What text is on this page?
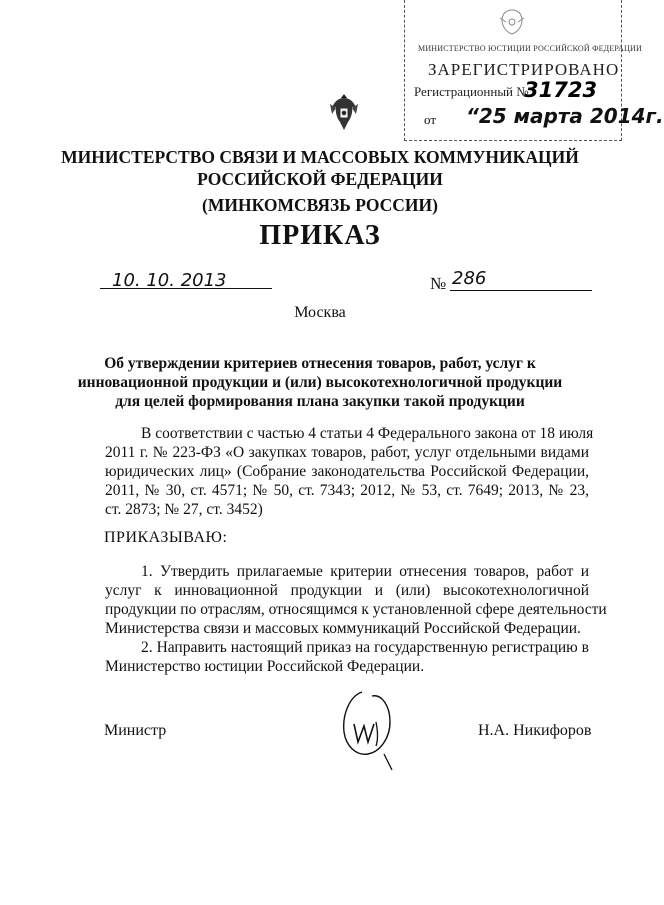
МИНИСТЕРСТВО ЮСТИЦИИ РОССИЙСКОЙ ФЕДЕРАЦИИ
ЗАРЕГИСТРИРОВАНО
Регистрационный №
31723
от	“25 марта 2014г.
МИНИСТЕРСТВО СВЯЗИ И МАССОВЫХ КОММУНИКАЦИЙ
РОССИЙСКОЙ ФЕДЕРАЦИИ
(МИНКОМСВЯЗЬ РОССИИ)
ПРИКАЗ
10. 10. 2013	№ 286
Москва
Об утверждении критериев отнесения товаров, работ, услуг к
инновационной продукции и (или) высокотехнологичной продукции
для целей формирования плана закупки такой продукции
В соответствии с частью 4 статьи 4 Федерального закона от 18 июля
2011 г. № 223-ФЗ «О закупках товаров, работ, услуг отдельными видами
юридических лиц» (Собрание законодательства Российской Федерации,
2011, № 30, ст. 4571; № 50, ст. 7343; 2012, № 53, ст. 7649; 2013, № 23,
ст. 2873; № 27, ст. 3452)
ПРИКАЗЫВАЮ:
1. Утвердить прилагаемые критерии отнесения товаров, работ и
услуг к инновационной продукции и (или) высокотехнологичной
продукции по отраслям, относящимся к установленной сфере деятельности
Министерства связи и массовых коммуникаций Российской Федерации.
2. Направить настоящий приказ на государственную регистрацию в
Министерство юстиции Российской Федерации.
Министр	Н.А. Никифоров
